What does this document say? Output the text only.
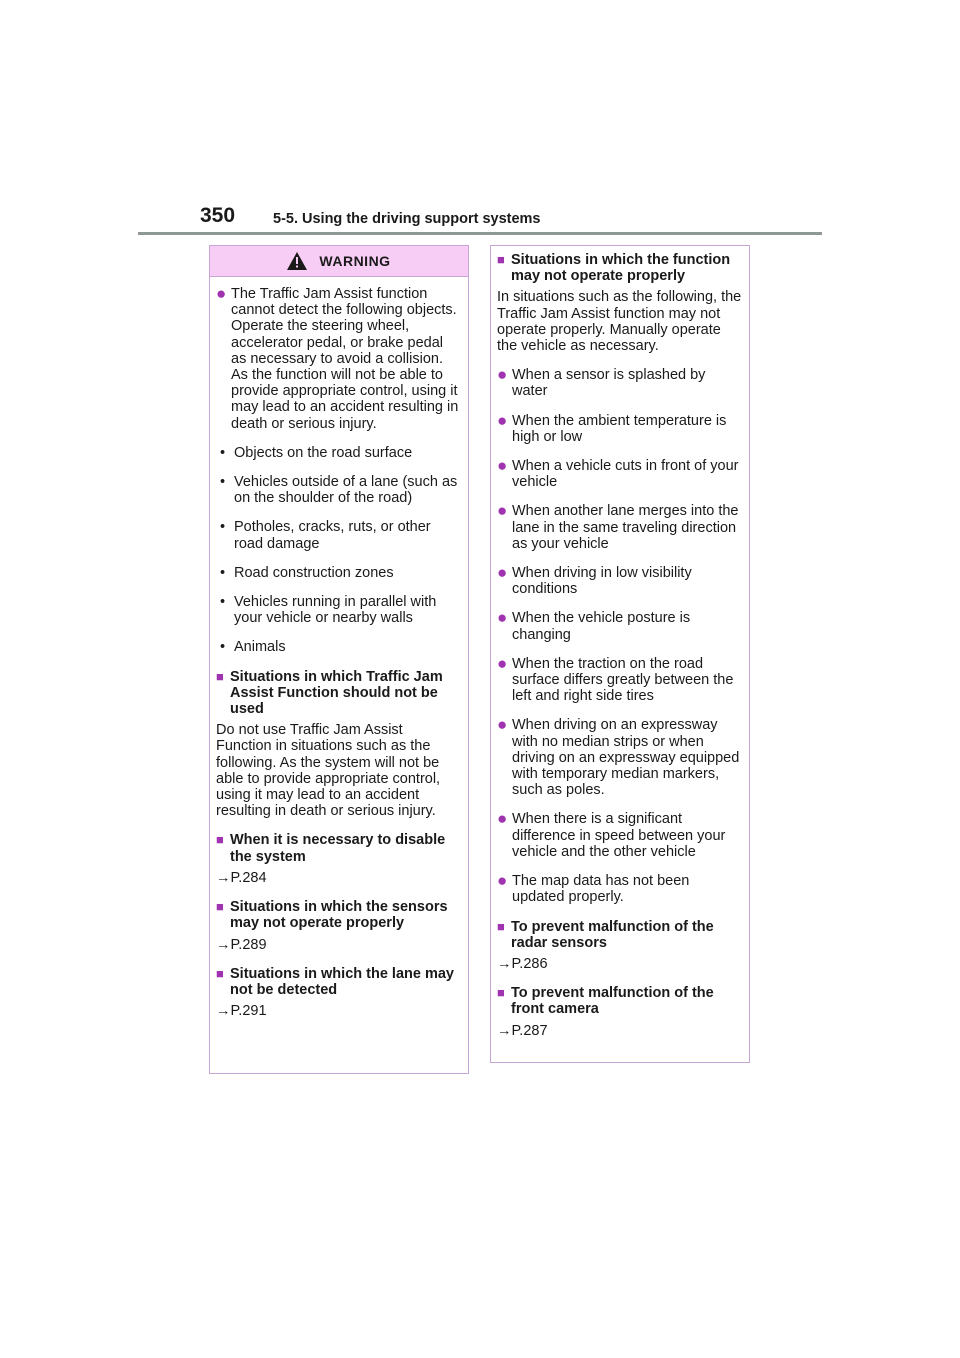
350	5-5. Using the driving support systems
WARNING
● The Traffic Jam Assist function cannot detect the following objects. Operate the steering wheel, accelerator pedal, or brake pedal as necessary to avoid a collision. As the function will not be able to provide appropriate control, using it may lead to an accident resulting in death or serious injury.
• Objects on the road surface
• Vehicles outside of a lane (such as on the shoulder of the road)
• Potholes, cracks, ruts, or other road damage
• Road construction zones
• Vehicles running in parallel with your vehicle or nearby walls
• Animals
■ Situations in which Traffic Jam Assist Function should not be used

Do not use Traffic Jam Assist Function in situations such as the following. As the system will not be able to provide appropriate control, using it may lead to an accident resulting in death or serious injury.

■ When it is necessary to disable the system

→P.284

■ Situations in which the sensors may not operate properly

→P.289

■ Situations in which the lane may not be detected

→P.291

■ Situations in which the function may not operate properly

In situations such as the following, the Traffic Jam Assist function may not operate properly. Manually operate the vehicle as necessary.

● When a sensor is splashed by water
● When the ambient temperature is high or low
● When a vehicle cuts in front of your vehicle
● When another lane merges into the lane in the same traveling direction as your vehicle
● When driving in low visibility conditions
● When the vehicle posture is changing
● When the traction on the road surface differs greatly between the left and right side tires
● When driving on an expressway with no median strips or when driving on an expressway equipped with temporary median markers, such as poles.
● When there is a significant difference in speed between your vehicle and the other vehicle
● The map data has not been updated properly.
■ To prevent malfunction of the radar sensors

→P.286

■ To prevent malfunction of the front camera

→P.287
